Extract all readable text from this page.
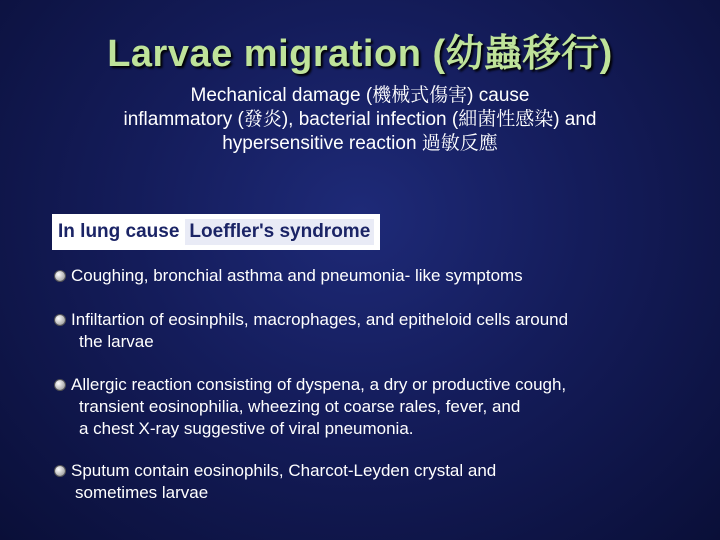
Larvae migration (幼蟲移行)
Mechanical damage (機械式傷害) cause
inflammatory (發炎), bacterial infection (細菌性感染) and
hypersensitive reaction 過敏反應
In lung cause Loeffler's syndrome
Coughing, bronchial asthma and pneumonia- like symptoms
Infiltartion of eosinphils, macrophages, and epitheloid cells around
the larvae
Allergic reaction consisting of dyspena, a dry or productive cough,
transient eosinophilia, wheezing ot coarse rales, fever, and
a chest X-ray suggestive of viral pneumonia.
Sputum contain eosinophils, Charcot-Leyden crystal and
sometimes larvae
